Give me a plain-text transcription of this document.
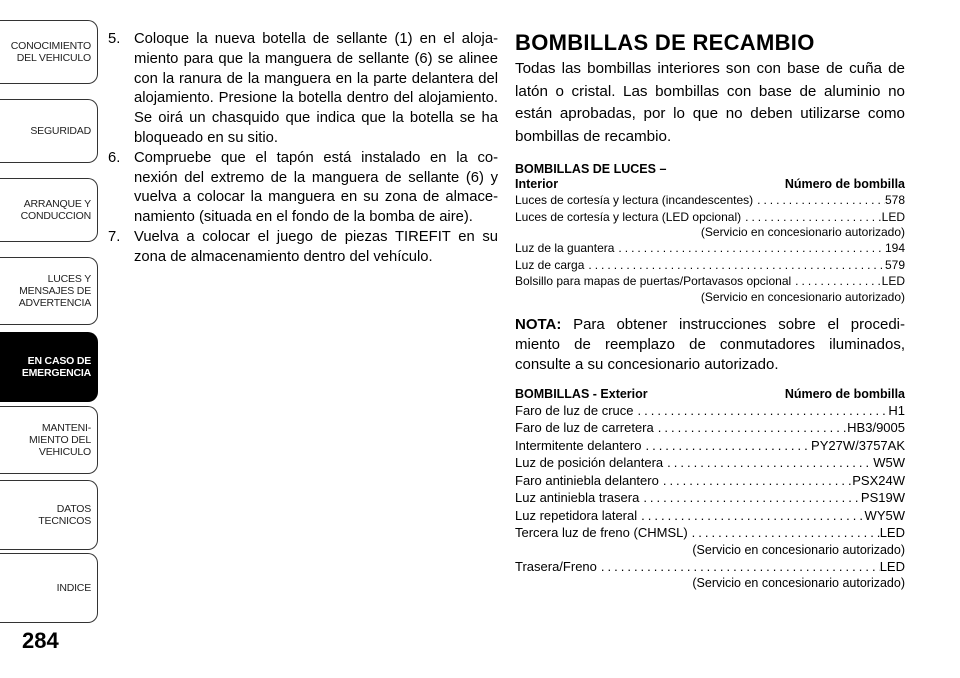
CONOCIMIENTO
DEL VEHICULO
SEGURIDAD
ARRANQUE Y
CONDUCCION
LUCES Y
MENSAJES DE
ADVERTENCIA
EN CASO DE
EMERGENCIA
MANTENI-
MIENTO DEL
VEHICULO
DATOS
TECNICOS
INDICE
284
5. Coloque la nueva botella de sellante (1) en el aloja- miento para que la manguera de sellante (6) se alinee con la ranura de la manguera en la parte delantera del alojamiento. Presione la botella dentro del alojamiento. Se oirá un chasquido que indica que la botella se ha bloqueado en su sitio.
6. Compruebe que el tapón está instalado en la co- nexión del extremo de la manguera de sellante (6) y vuelva a colocar la manguera en su zona de almace- namiento (situada en el fondo de la bomba de aire).
7. Vuelva a colocar el juego de piezas TIREFIT en su zona de almacenamiento dentro del vehículo.
BOMBILLAS DE RECAMBIO
Todas las bombillas interiores son con base de cuña de latón o cristal. Las bombillas con base de aluminio no están aprobadas, por lo que no deben utilizarse como bombillas de recambio.
BOMBILLAS DE LUCES –
Interior	Número de bombilla
Luces de cortesía y lectura (incandescentes) .....	578
Luces de cortesía y lectura (LED opcional) .....	LED
(Servicio en concesionario autorizado)
Luz de la guantera .....	194
Luz de carga .....	579
Bolsillo para mapas de puertas/Portavasos opcional .....	LED
(Servicio en concesionario autorizado)
NOTA: Para obtener instrucciones sobre el procedi- miento de reemplazo de conmutadores iluminados, consulte a su concesionario autorizado.
BOMBILLAS - Exterior	Número de bombilla
Faro de luz de cruce .....	H1
Faro de luz de carretera .....	HB3/9005
Intermitente delantero .....	PY27W/3757AK
Luz de posición delantera .....	W5W
Faro antiniebla delantero .....	PSX24W
Luz antiniebla trasera .....	PS19W
Luz repetidora lateral .....	WY5W
Tercera luz de freno (CHMSL) .....	LED
(Servicio en concesionario autorizado)
Trasera/Freno .....	LED
(Servicio en concesionario autorizado)
